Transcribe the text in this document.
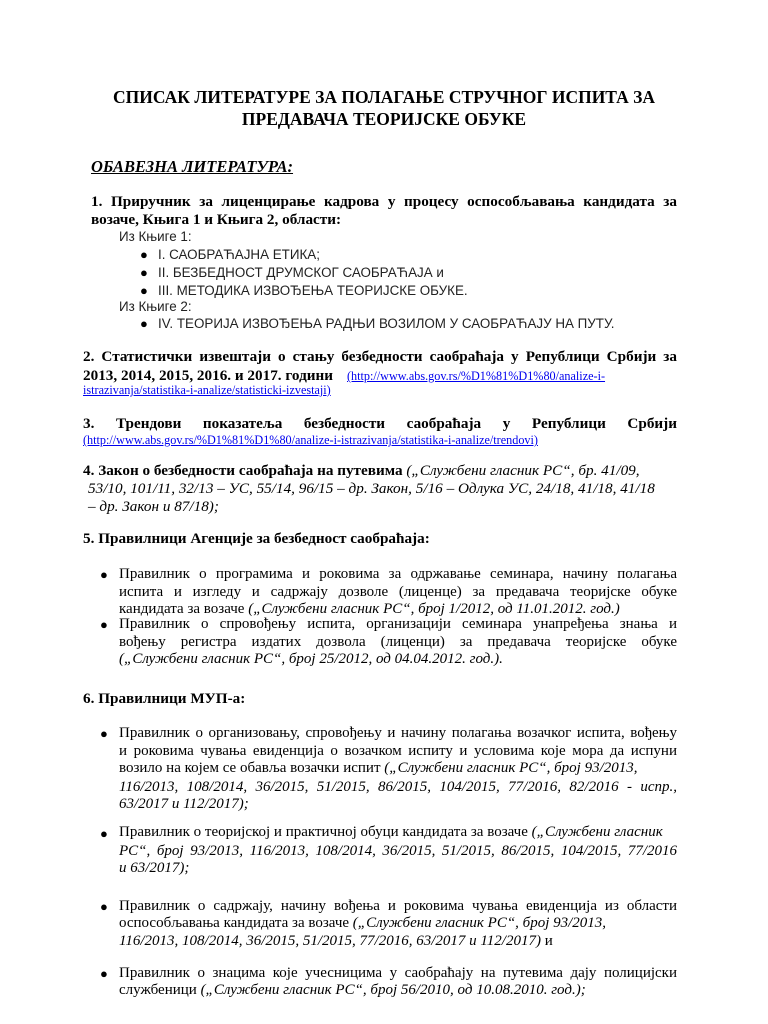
СПИСАК ЛИТЕРАТУРЕ ЗА ПОЛАГАЊЕ СТРУЧНОГ ИСПИТА ЗА
ПРЕДАВАЧА ТЕОРИЈСКЕ ОБУКЕ
ОБАВЕЗНА ЛИТЕРАТУРА:
1. Приручник за лиценцирање кадрова у процесу оспособљавања кандидата за
возаче, Књига 1 и Књига 2, области:
Из Књиге 1:
● I. САОБРАЋАЈНА ЕТИКА;
● II. БЕЗБЕДНОСТ ДРУМСКОГ САОБРАЋАЈА и
● III. МЕТОДИКА ИЗВОЂЕЊА ТЕОРИЈСКЕ ОБУКЕ.
Из Књиге 2:
● IV. ТЕОРИЈА ИЗВОЂЕЊА РАДЊИ ВОЗИЛОМ У САОБРАЋАЈУ НА ПУТУ.
2. Статистички извештаји о стању безбедности саобраћаја у Републици Србији за
2013, 2014, 2015, 2016. и 2017. години (http://www.abs.gov.rs/%D1%81%D1%80/analize-i-
istrazivanja/statistika-i-analize/statisticki-izvestaji)
3. Трендови показатеља безбедности саобраћаја у Републици Србији
(http://www.abs.gov.rs/%D1%81%D1%80/analize-i-istrazivanja/statistika-i-analize/trendovi)
4. Закон о безбедности саобраћаја на путевима („Службени гласник РС“, бр. 41/09,
53/10, 101/11, 32/13 – УС, 55/14, 96/15 – др. Закон, 5/16 – Одлука УС, 24/18, 41/18, 41/18
– др. Закон и 87/18);
5. Правилници Агенције за безбедност саобраћаја:
● Правилник о програмима и роковима за одржавање семинара, начину полагања
испита и изгледу и садржају дозволе (лиценце) за предавача теоријске обуке
кандидата за возаче („Службени гласник РС“, број 1/2012, од 11.01.2012. год.)
● Правилник о спровођењу испита, организацији семинара унапређења знања и
вођењу регистра издатих дозвола (лиценци) за предавача теоријске обуке
(„Службени гласник РС“, број 25/2012, од 04.04.2012. год.).
6. Правилници МУП-а:
● Правилник о организовању, спровођењу и начину полагања возачког испита, вођењу
и роковима чувања евиденција о возачком испиту и условима које мора да испуни
возило на којем се обавља возачки испит („Службени гласник РС“, број 93/2013,
116/2013, 108/2014, 36/2015, 51/2015, 86/2015, 104/2015, 77/2016, 82/2016 - испр.,
63/2017 и 112/2017);
● Правилник о теоријској и практичној обуци кандидата за возаче („Службени гласник
РС“, број 93/2013, 116/2013, 108/2014, 36/2015, 51/2015, 86/2015, 104/2015, 77/2016
и 63/2017);
● Правилник о садржају, начину вођења и роковима чувања евиденција из области
оспособљавања кандидата за возаче („Службени гласник РС“, број 93/2013,
116/2013, 108/2014, 36/2015, 51/2015, 77/2016, 63/2017 и 112/2017) и
● Правилник о знацима које учесницима у саобраћају на путевима дају полицијски
службеници („Службени гласник РС“, број 56/2010, од 10.08.2010. год.);
